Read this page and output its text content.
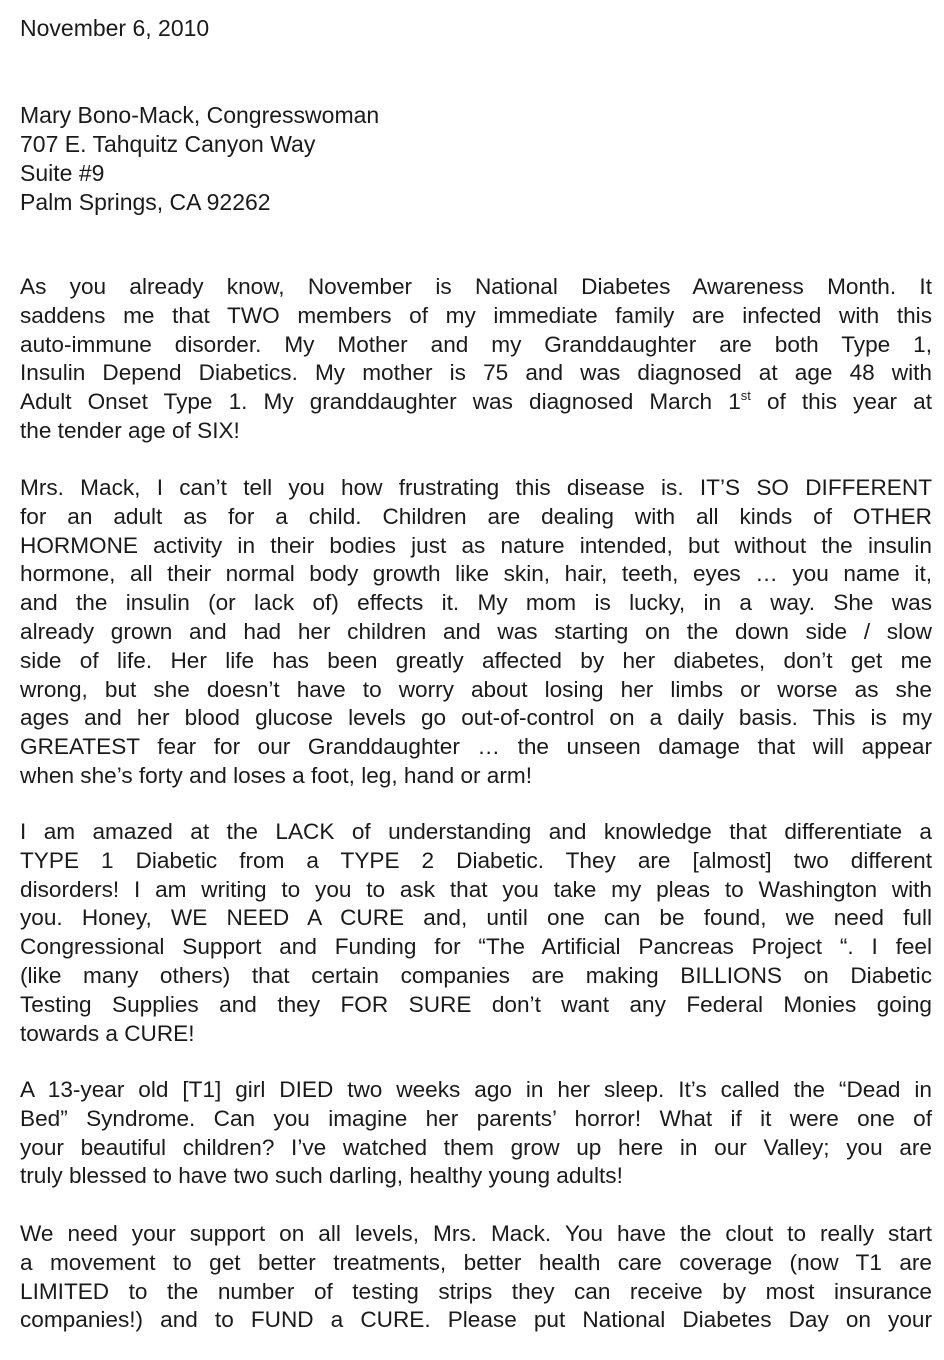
November 6, 2010
Mary Bono-Mack, Congresswoman
707 E. Tahquitz Canyon Way
Suite #9
Palm Springs, CA 92262

As you already know, November is National Diabetes Awareness Month. It
saddens me that TWO members of my immediate family are infected with this
auto-immune disorder. My Mother and my Granddaughter are both Type 1,
Insulin Depend Diabetics. My mother is 75 and was diagnosed at age 48 with
Adult Onset Type 1. My granddaughter was diagnosed March 1st of this year at
the tender age of SIX!

Mrs. Mack, I can’t tell you how frustrating this disease is. IT’S SO DIFFERENT
for an adult as for a child. Children are dealing with all kinds of OTHER
HORMONE activity in their bodies just as nature intended, but without the insulin
hormone, all their normal body growth like skin, hair, teeth, eyes … you name it,
and the insulin (or lack of) effects it. My mom is lucky, in a way. She was
already grown and had her children and was starting on the down side / slow
side of life. Her life has been greatly affected by her diabetes, don’t get me
wrong, but she doesn’t have to worry about losing her limbs or worse as she
ages and her blood glucose levels go out-of-control on a daily basis. This is my
GREATEST fear for our Granddaughter … the unseen damage that will appear
when she’s forty and loses a foot, leg, hand or arm!

I am amazed at the LACK of understanding and knowledge that differentiate a
TYPE 1 Diabetic from a TYPE 2 Diabetic. They are [almost] two different
disorders! I am writing to you to ask that you take my pleas to Washington with
you. Honey, WE NEED A CURE and, until one can be found, we need full
Congressional Support and Funding for “The Artificial Pancreas Project “. I feel
(like many others) that certain companies are making BILLIONS on Diabetic
Testing Supplies and they FOR SURE don’t want any Federal Monies going
towards a CURE!

A 13-year old [T1] girl DIED two weeks ago in her sleep. It’s called the “Dead in
Bed” Syndrome. Can you imagine her parents’ horror! What if it were one of
your beautiful children? I’ve watched them grow up here in our Valley; you are
truly blessed to have two such darling, healthy young adults!

We need your support on all levels, Mrs. Mack. You have the clout to really start
a movement to get better treatments, better health care coverage (now T1 are
LIMITED to the number of testing strips they can receive by most insurance
companies!) and to FUND a CURE. Please put National Diabetes Day on your
